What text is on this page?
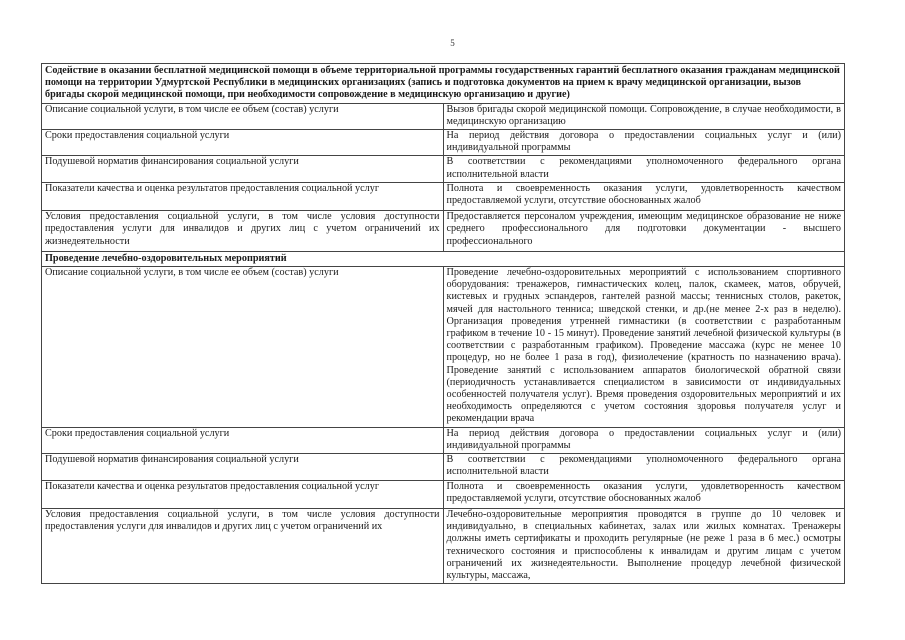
5
Содействие в оказании бесплатной медицинской помощи в объеме территориальной программы государственных гарантий бесплатного оказания гражданам медицинской помощи на территории Удмуртской Республики в медицинских организациях (запись и подготовка документов на прием к врачу медицинской организации, вызов бригады скорой медицинской помощи, при необходимости сопровождение в медицинскую организацию и другие)	
Описание социальной услуги, в том числе ее объем (состав) услуги	Вызов бригады скорой медицинской помощи. Сопровождение, в случае необходимости, в медицинскую организацию
Сроки предоставления социальной услуги	На период действия договора о предоставлении социальных услуг и (или) индивидуальной программы
Подушевой норматив финансирования социальной услуги	В соответствии с рекомендациями уполномоченного федерального органа исполнительной власти
Показатели качества и оценка результатов предоставления социальной услуг	Полнота и своевременность оказания услуги, удовлетворенность качеством предоставляемой услуги, отсутствие обоснованных жалоб
Условия предоставления социальной услуги, в том числе условия доступности предоставления услуги для инвалидов и других лиц с учетом ограничений их жизнедеятельности	Предоставляется персоналом учреждения, имеющим медицинское образование не ниже среднего профессионального для подготовки документации - высшего профессионального
Проведение лечебно-оздоровительных мероприятий	
Описание социальной услуги, в том числе ее объем (состав) услуги	Проведение лечебно-оздоровительных мероприятий с использованием спортивного оборудования: тренажеров, гимнастических колец, палок, скамеек, матов, обручей, кистевых и грудных эспандеров, гантелей разной массы; теннисных столов, ракеток, мячей для настольного тенниса; шведской стенки, и др.(не менее 2-х раз в неделю). Организация проведения утренней гимнастики (в соответствии с разработанным графиком в течение 10 - 15 минут). Проведение занятий лечебной физической культуры (в соответствии с разработанным графиком). Проведение массажа (курс не менее 10 процедур, но не более 1 раза в год), физиолечение (кратность по назначению врача). Проведение занятий с использованием аппаратов биологической обратной связи (периодичность устанавливается специалистом в зависимости от индивидуальных особенностей получателя услуг). Время проведения оздоровительных мероприятий и их необходимость определяются с учетом состояния здоровья получателя услуг и рекомендации врача
Сроки предоставления социальной услуги	На период действия договора о предоставлении социальных услуг и (или) индивидуальной программы
Подушевой норматив финансирования социальной услуги	В соответствии с рекомендациями уполномоченного федерального органа исполнительной власти
Показатели качества и оценка результатов предоставления социальной услуг	Полнота и своевременность оказания услуги, удовлетворенность качеством предоставляемой услуги, отсутствие обоснованных жалоб
Условия предоставления социальной услуги, в том числе условия доступности предоставления услуги для инвалидов и других лиц с учетом ограничений их	Лечебно-оздоровительные мероприятия проводятся в группе до 10 человек и индивидуально, в специальных кабинетах, залах или жилых комнатах. Тренажеры должны иметь сертификаты и проходить регулярные (не реже 1 раза в 6 мес.) осмотры технического состояния и приспособлены к инвалидам и другим лицам с учетом ограничений их жизнедеятельности. Выполнение процедур лечебной физической культуры, массажа,
